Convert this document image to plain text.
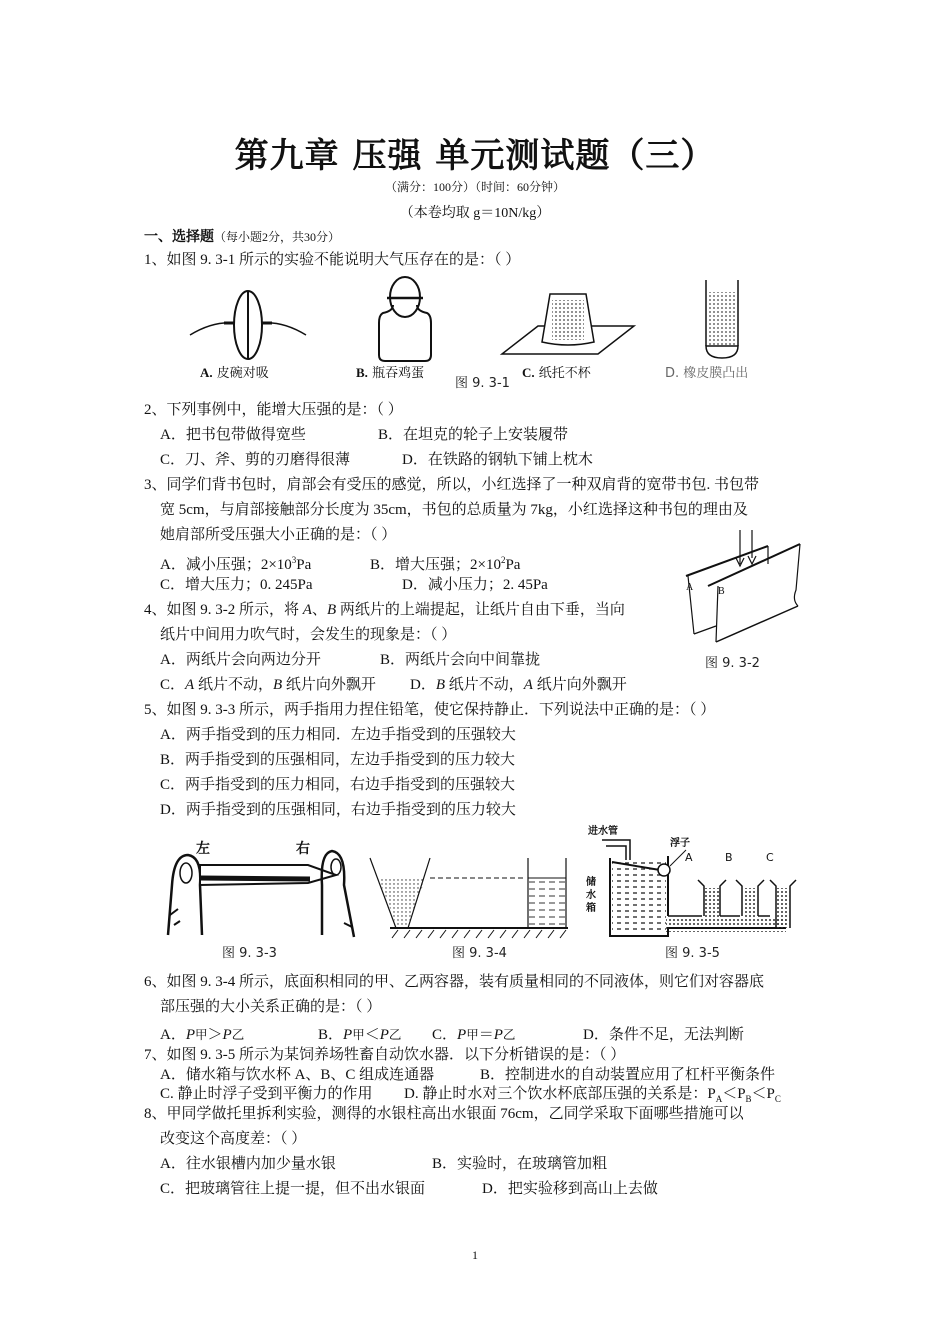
第九章 压强 单元测试题（三）
（满分：100分）（时间：60分钟）
（本卷均取 g＝10N/kg）
一、选择题（每小题2分，共30分）
1、如图 9. 3-1 所示的实验不能说明大气压存在的是：（ ）
A. 皮碗对吸	B. 瓶吞鸡蛋
图 9. 3-1
C. 纸托不杯	D. 橡皮膜凸出
2、下列事例中，能增大压强的是：（ ）
A．把书包带做得宽些	B．在坦克的轮子上安装履带
C．刀、斧、剪的刃磨得很薄	D．在铁路的钢轨下铺上枕木
3、同学们背书包时，肩部会有受压的感觉，所以，小红选择了一种双肩背的宽带书包. 书包带
宽 5cm，与肩部接触部分长度为 35cm，书包的总质量为 7kg，小红选择这种书包的理由及
她肩部所受压强大小正确的是：（ ）
A．减小压强；$2\times 10^3Pa$	B．增大压强；$2\times 10^2Pa$
C．增大压力；0. 245Pa	D．减小压力；2. 45Pa	A B
图 9. 3-2
4、如图 9. 3-2 所示，将 A、B 两纸片的上端提起，让纸片自由下垂，当向
纸片中间用力吹气时，会发生的现象是：（ ）
A．两纸片会向两边分开	B．两纸片会向中间靠拢
C．A 纸片不动，B 纸片向外飘开 D．B 纸片不动，A 纸片向外飘开
5、如图 9. 3-3 所示，两手指用力捏住铅笔，使它保持静止．下列说法中正确的是：（ ）
A．两手指受到的压力相同．左边手指受到的压强较大
B．两手指受到的压强相同，左边手指受到的压力较大
C．两手指受到的压力相同，右边手指受到的压强较大
D．两手指受到的压强相同，右边手指受到的压力较大
左	右
图 9. 3-3	图 9. 3-4
进水管
浮子
储
水
箱
A	B	C
图 9. 3-5
6、如图 9. 3-4 所示，底面积相同的甲、乙两容器，装有质量相同的不同液体，则它们对容器底
部压强的大小关系正确的是：（ ）
A．P甲＞P乙	B．P甲＜P乙 C．P甲＝P乙	D．条件不足，无法判断
7、如图 9. 3-5 所示为某饲养场牲畜自动饮水器．以下分析错误的是：（ ）
A．储水箱与饮水杯 A、B、C 组成连通器	B．控制进水的自动装置应用了杠杆平衡条件
C. 静止时浮子受到平衡力的作用 D. 静止时水对三个饮水杯底部压强的关系是：$P_A<P_B<P_C$
8、甲同学做托里拆利实验，测得的水银柱高出水银面 76cm，乙同学采取下面哪些措施可以
改变这个高度差：（ ）
A．往水银槽内加少量水银	B．实验时，在玻璃管加粗
C．把玻璃管往上提一提，但不出水银面	D．把实验移到高山上去做
1
